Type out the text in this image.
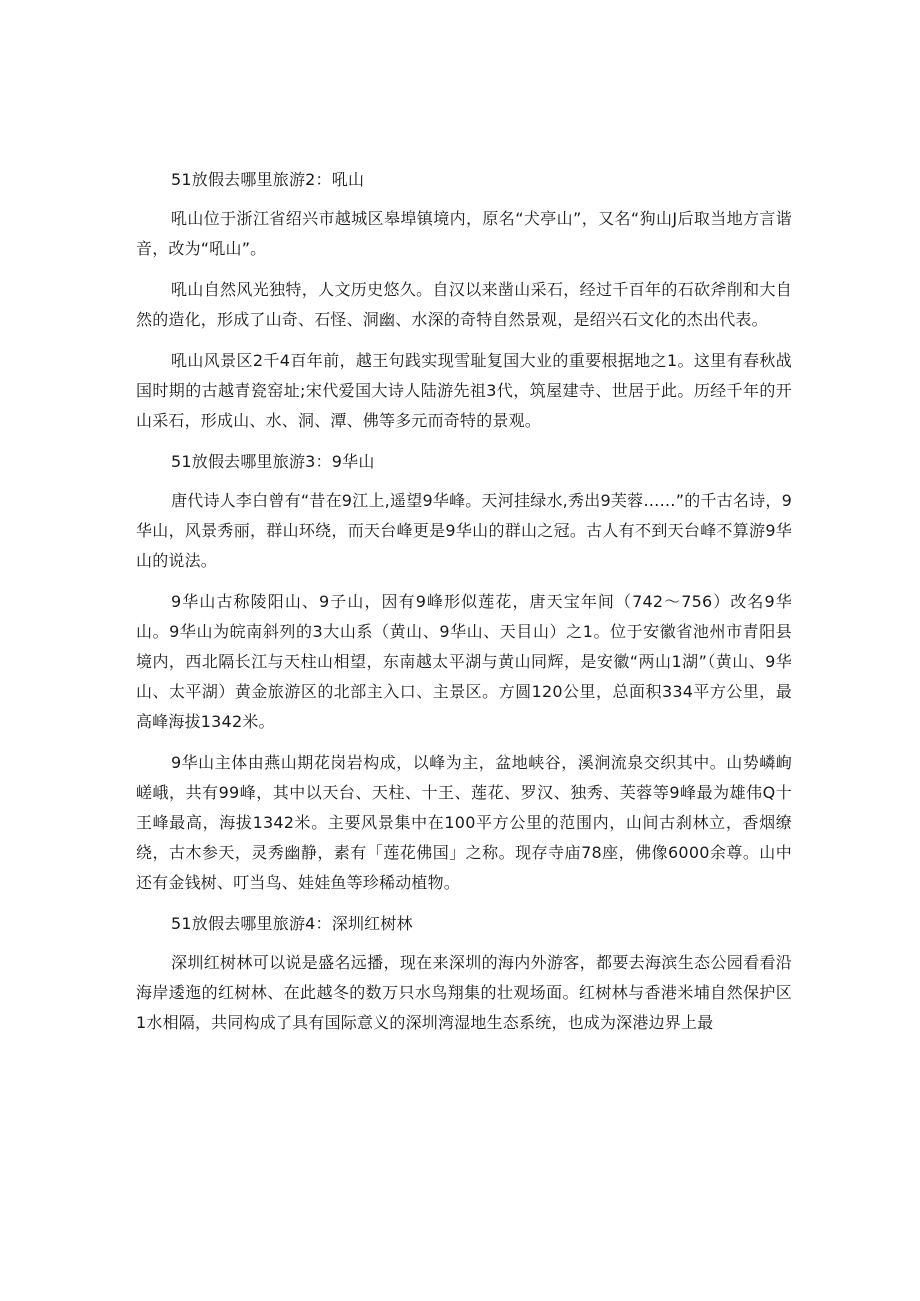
51放假去哪里旅游2：吼山

吼山位于浙江省绍兴市越城区皋埠镇境内，原名“犬亭山”，又名“狗山J后取当地方言谐音，改为“吼山”。

吼山自然风光独特，人文历史悠久。自汉以来凿山采石，经过千百年的石砍斧削和大自然的造化，形成了山奇、石怪、洞幽、水深的奇特自然景观，是绍兴石文化的杰出代表。

吼山风景区2千4百年前，越王句践实现雪耻复国大业的重要根据地之1。这里有春秋战国时期的古越青瓷窑址;宋代爱国大诗人陆游先祖3代，筑屋建寺、世居于此。历经千年的开山采石，形成山、水、洞、潭、佛等多元而奇特的景观。

51放假去哪里旅游3：9华山

唐代诗人李白曾有“昔在9江上,遥望9华峰。天河挂绿水,秀出9芙蓉……”的千古名诗，9华山，风景秀丽，群山环绕，而天台峰更是9华山的群山之冠。古人有不到天台峰不算游9华山的说法。

9华山古称陵阳山、9子山，因有9峰形似莲花，唐天宝年间（742～756）改名9华山。9华山为皖南斜列的3大山系（黄山、9华山、天目山）之1。位于安徽省池州市青阳县境内，西北隔长江与天柱山相望，东南越太平湖与黄山同辉，是安徽“两山1湖”（黄山、9华山、太平湖）黄金旅游区的北部主入口、主景区。方圆120公里，总面积334平方公里，最高峰海拔1342米。

9华山主体由燕山期花岗岩构成，以峰为主，盆地峡谷，溪涧流泉交织其中。山势嶙峋嵯峨，共有99峰，其中以天台、天柱、十王、莲花、罗汉、独秀、芙蓉等9峰最为雄伟Q十王峰最高，海拔1342米。主要风景集中在100平方公里的范围内，山间古刹林立，香烟缭绕，古木参天，灵秀幽静，素有「莲花佛国」之称。现存寺庙78座，佛像6000余尊。山中还有金钱树、叮当鸟、娃娃鱼等珍稀动植物。

51放假去哪里旅游4：深圳红树林

深圳红树林可以说是盛名远播，现在来深圳的海内外游客，都要去海滨生态公园看看沿海岸逶迤的红树林、在此越冬的数万只水鸟翔集的壮观场面。红树林与香港米埔自然保护区1水相隔，共同构成了具有国际意义的深圳湾湿地生态系统，也成为深港边界上最
